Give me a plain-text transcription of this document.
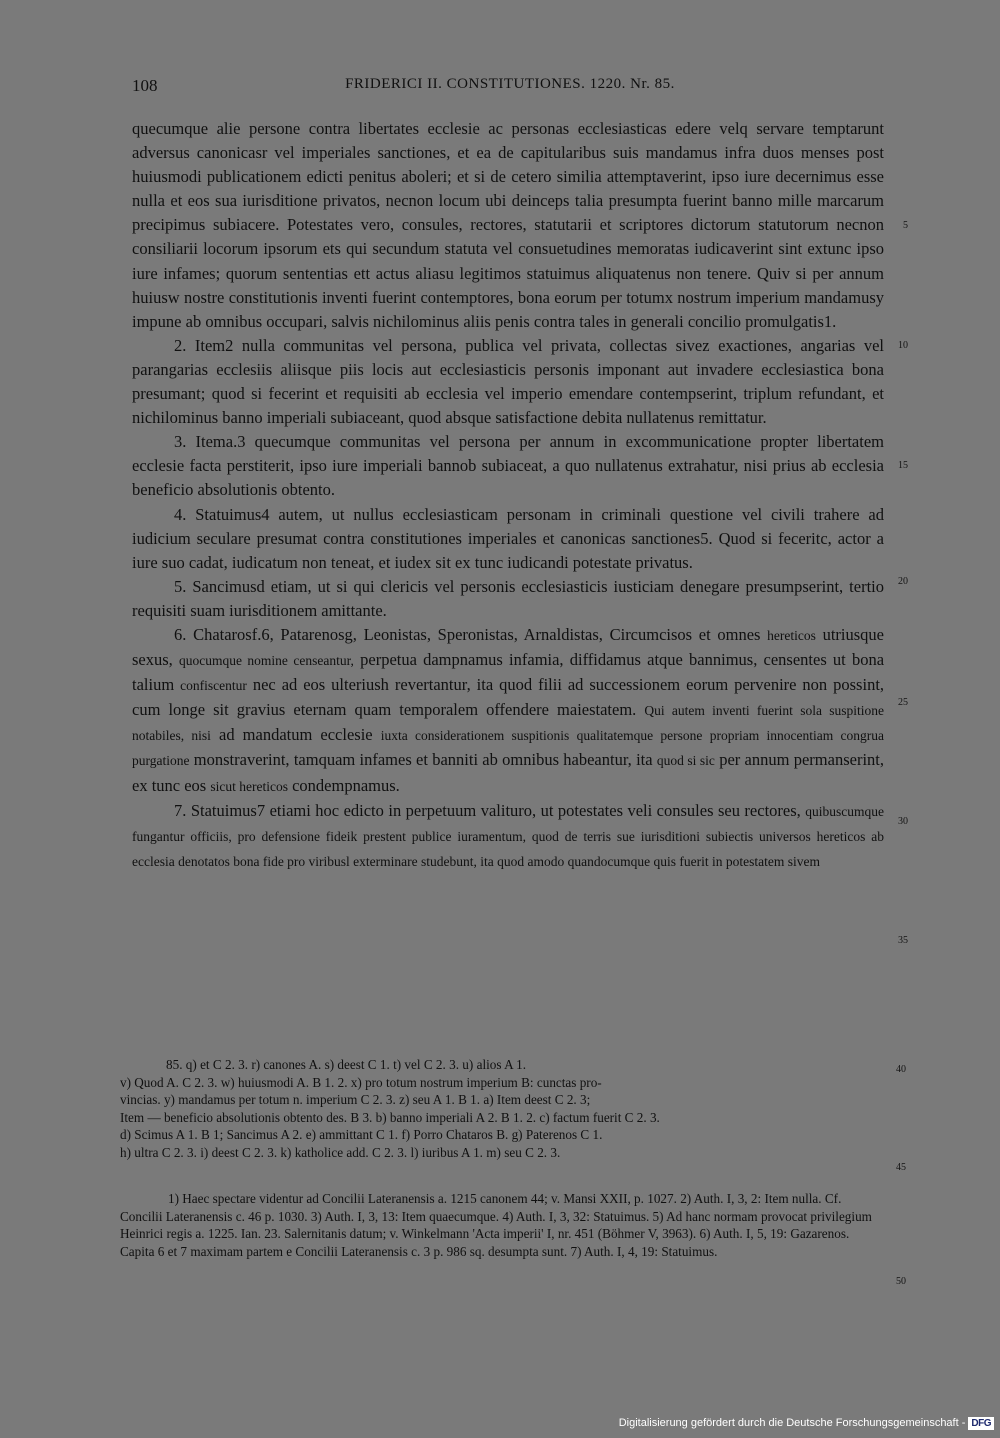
108	FRIDERICI II. CONSTITUTIONES. 1220. Nr. 85.

quecumque alie persone contra libertates ecclesie ac personas ecclesiasticas edere velq servare temptarunt adversus canonicasr vel imperiales sanctiones, et ea de capitularibus suis mandamus infra duos menses post huiusmodi publicationem edicti penitus aboleri; et si de cetero similia attemptaverint, ipso iure decernimus esse nulla et eos sua iurisditione privatos, necnon locum ubi deinceps talia presumpta fuerint banno mille marcarum precipimus subiacere. Potestates vero, consules, rectores, statutarii et scriptores dictorum statutorum necnon consiliarii locorum ipsorum ets qui secundum statuta vel consuetudines memoratas iudicaverint sint extunc ipso iure infames; quorum sententias ett actus aliasu legitimos statuimus aliquatenus non tenere. Quiv si per annum huiusw nostre constitutionis inventi fuerint contemptores, bona eorum per totumx nostrum imperium mandamusy impune ab omnibus occupari, salvis nichilominus aliis penis contra tales in generali concilio promulgatis1.

2. Item2 nulla communitas vel persona, publica vel privata, collectas sivez exactiones, angarias vel parangarias ecclesiis aliisque piis locis aut ecclesiasticis personis imponant aut invadere ecclesiastica bona presumant; quod si fecerint et requisiti ab ecclesia vel imperio emendare contempserint, triplum refundant, et nichilominus banno imperiali subiaceant, quod absque satisfactione debita nullatenus remittatur.

3. Itema.3 quecumque communitas vel persona per annum in excommunicatione propter libertatem ecclesie facta perstiterit, ipso iure imperiali bannob subiaceat, a quo nullatenus extrahatur, nisi prius ab ecclesia beneficio absolutionis obtento.

4. Statuimus4 autem, ut nullus ecclesiasticam personam in criminali questione vel civili trahere ad iudicium seculare presumat contra constitutiones imperiales et canonicas sanctiones5. Quod si feceritc, actor a iure suo cadat, iudicatum non teneat, et iudex sit ex tunc iudicandi potestate privatus.

5. Sancimusd etiam, ut si qui clericis vel personis ecclesiasticis iusticiam denegare presumpserint, tertio requisiti suam iurisditionem amittante.

6. Chatarosf.6, Patarenosg, Leonistas, Speronistas, Arnaldistas, Circumcisos et omnes hereticos utriusque sexus, quocumque nomine censeantur, perpetua dampnamus infamia, diffidamus atque bannimus, censentes ut bona talium confiscentur nec ad eos ulteriush revertantur, ita quod filii ad successionem eorum pervenire non possint, cum longe sit gravius eternam quam temporalem offendere maiestatem. Qui autem inventi fuerint sola suspitione notabiles, nisi ad mandatum ecclesie iuxta considerationem suspitionis qualitatemque persone propriam innocentiam congrua purgatione monstraverint, tamquam infames et banniti ab omnibus habeantur, ita quod si sic per annum permanserint, ex tunc eos sicut hereticos condempnamus.

7. Statuimus7 etiami hoc edicto in perpetuum valituro, ut potestates veli consules seu rectores, quibuscumque fungantur officiis, pro defensione fideik prestent publice iuramentum, quod de terris sue iurisditioni subiectis universos hereticos ab ecclesia denotatos bona fide pro viribusl exterminare studebunt, ita quod amodo quandocumque quis fuerit in potestatem sivem

5
10
15
20
25
30
35

85. q) et C 2. 3. r) canones A. s) deest C 1. t) vel C 2. 3. u) alios A 1.

v) Quod A. C 2. 3. w) huiusmodi A. B 1. 2. x) pro totum nostrum imperium B: cunctas pro-

vincias. y) mandamus per totum n. imperium C 2. 3. z) seu A 1. B 1. a) Item deest C 2. 3;

Item — beneficio absolutionis obtento des. B 3. b) banno imperiali A 2. B 1. 2. c) factum fuerit C 2. 3.

d) Scimus A 1. B 1; Sancimus A 2. e) ammittant C 1. f) Porro Chataros B. g) Paterenos C 1.

h) ultra C 2. 3. i) deest C 2. 3. k) katholice add. C 2. 3. l) iuribus A 1. m) seu C 2. 3.

40
45

1) Haec spectare videntur ad Concilii Lateranensis a. 1215 canonem 44; v. Mansi XXII, p. 1027. 2) Auth. I, 3, 2: Item nulla. Cf. Concilii Lateranensis c. 46 p. 1030. 3) Auth. I, 3, 13: Item quaecumque. 4) Auth. I, 3, 32: Statuimus. 5) Ad hanc normam provocat privilegium Heinrici regis a. 1225. Ian. 23. Salernitanis datum; v. Winkelmann 'Acta imperii' I, nr. 451 (Böhmer V, 3963). 6) Auth. I, 5, 19: Gazarenos. Capita 6 et 7 maximam partem e Concilii Lateranensis c. 3 p. 986 sq. desumpta sunt. 7) Auth. I, 4, 19: Statuimus.

50
Digitalisierung gefördert durch die Deutsche Forschungsgemeinschaft - DFG
